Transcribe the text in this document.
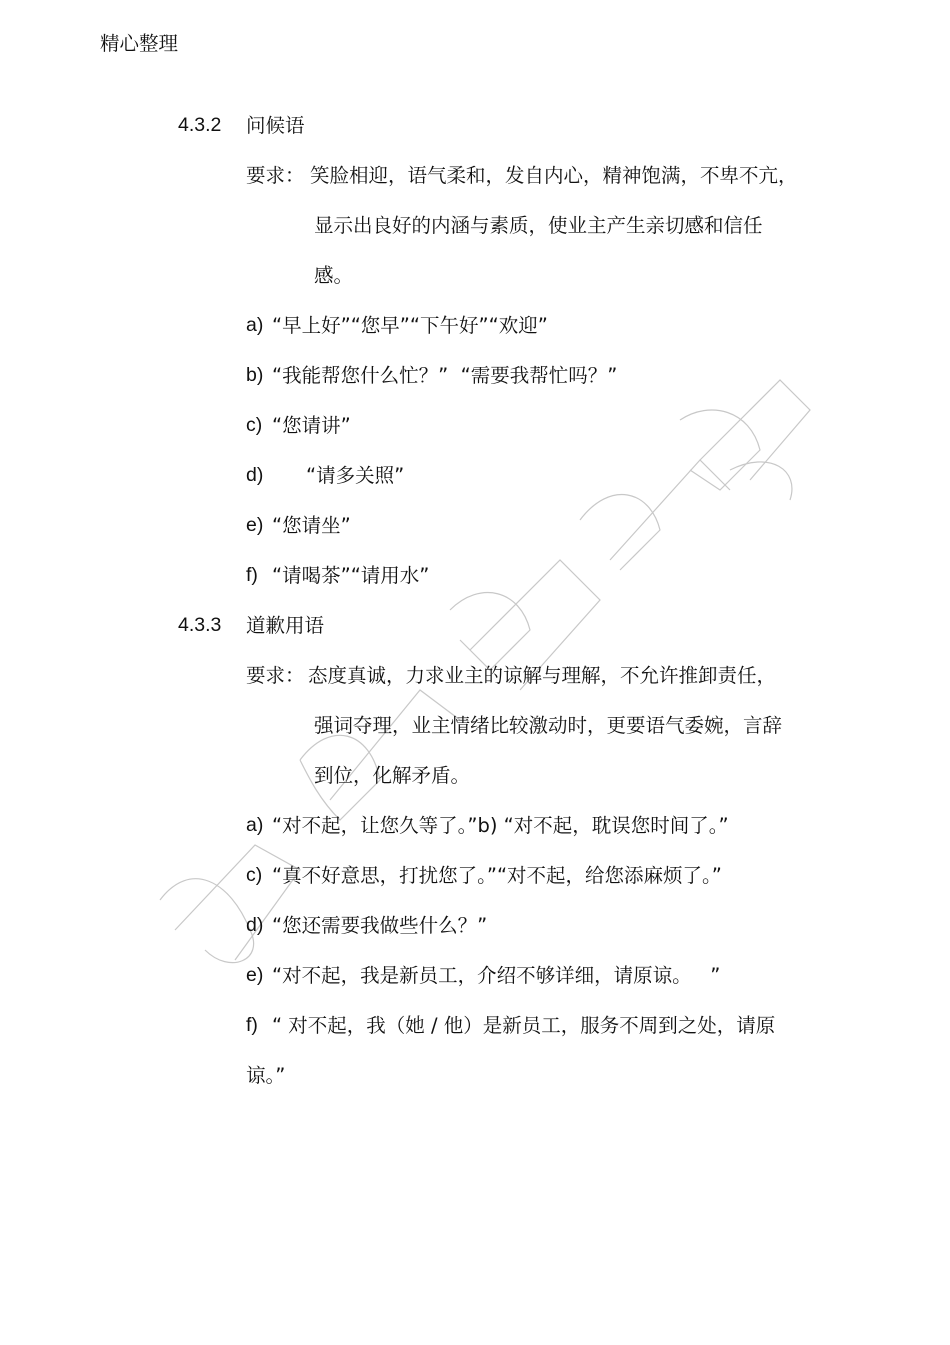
精心整理
4.3.2 问候语
要求： 笑脸相迎，语气柔和，发自内心，精神饱满，不卑不亢，
显示出良好的内涵与素质，使业主产生亲切感和信任
感。
a) “早上好”“您早”“下午好”“欢迎”
b) “我能帮您什么忙？”  “需要我帮忙吗？”
c) “您请讲”
d) “请多关照”
e) “您请坐”
f) “请喝茶”“请用水”
4.3.3 道歉用语
要求： 态度真诚，力求业主的谅解与理解，不允许推卸责任，
强词夺理，业主情绪比较激动时，更要语气委婉，言辞
到位，化解矛盾。
a) “对不起，让您久等了。”b) “对不起，耽误您时间了。”
c) “真不好意思，打扰您了。”“对不起，给您添麻烦了。”
d) “您还需要我做些什么？”
e) “对不起，我是新员工，介绍不够详细，请原谅。   ”
f) “ 对不起，我（她 / 他）是新员工，服务不周到之处，请原
谅。”
